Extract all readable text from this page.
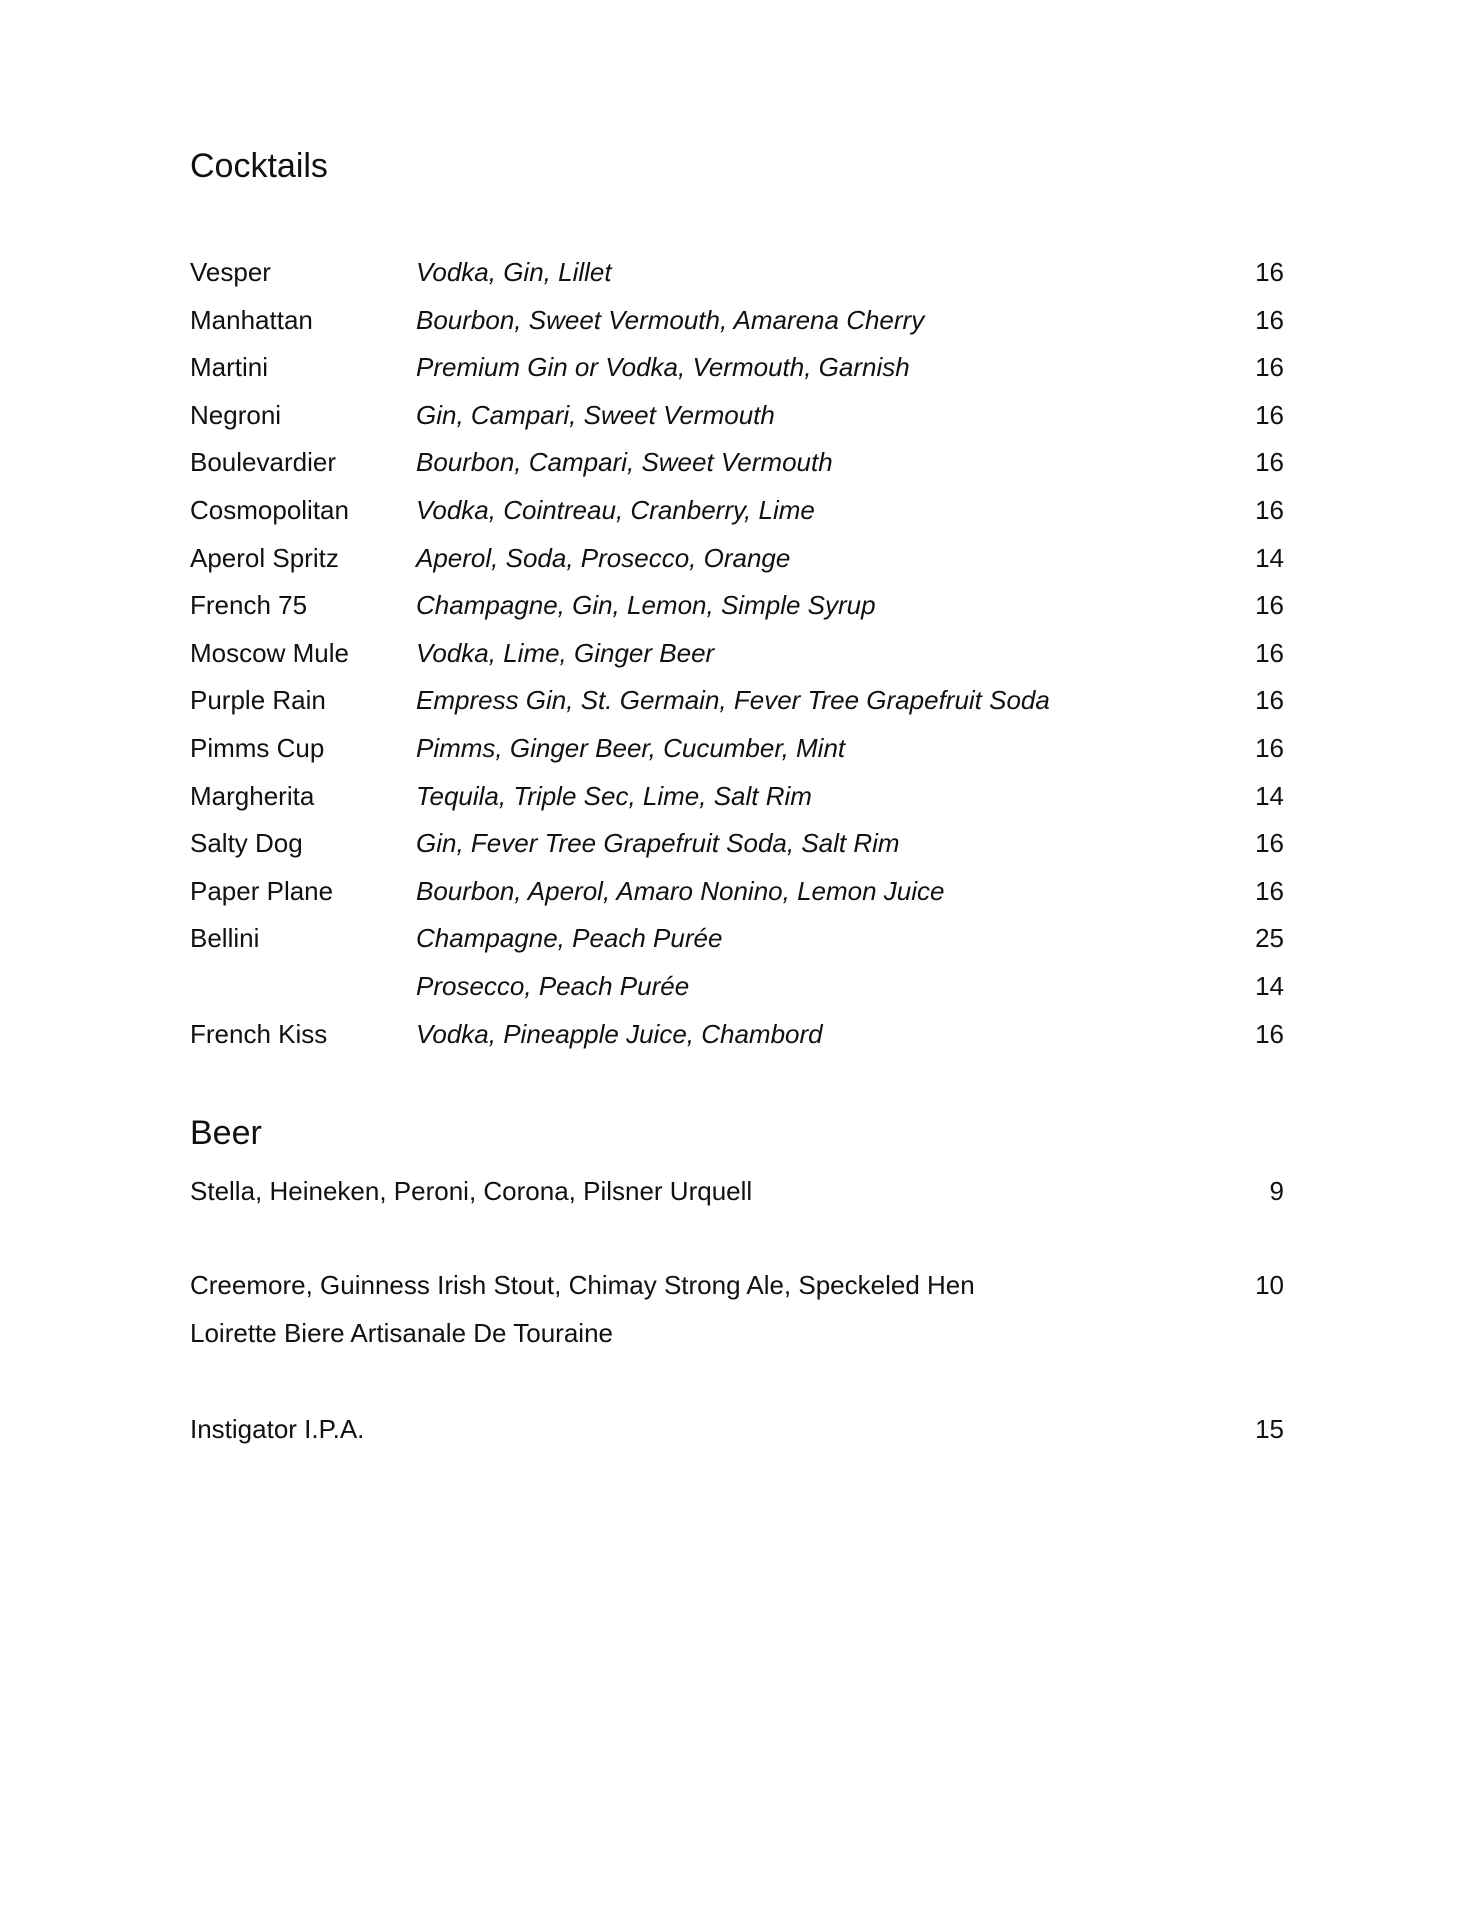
Cocktails
Vesper	Vodka, Gin, Lillet	16
Manhattan	Bourbon, Sweet Vermouth, Amarena Cherry	16
Martini	Premium Gin or Vodka, Vermouth, Garnish	16
Negroni	Gin, Campari, Sweet Vermouth	16
Boulevardier	Bourbon, Campari, Sweet Vermouth	16
Cosmopolitan	Vodka, Cointreau, Cranberry, Lime	16
Aperol Spritz	Aperol, Soda, Prosecco, Orange	14
French 75	Champagne, Gin, Lemon, Simple Syrup	16
Moscow Mule	Vodka, Lime, Ginger Beer	16
Purple Rain	Empress Gin, St. Germain, Fever Tree Grapefruit Soda	16
Pimms Cup	Pimms, Ginger Beer, Cucumber, Mint	16
Margherita	Tequila, Triple Sec, Lime, Salt Rim	14
Salty Dog	Gin, Fever Tree Grapefruit Soda, Salt Rim	16
Paper Plane	Bourbon, Aperol, Amaro Nonino, Lemon Juice	16
Bellini	Champagne, Peach Purée	25
Prosecco, Peach Purée	14
French Kiss	Vodka, Pineapple Juice, Chambord	16
Beer
Stella, Heineken, Peroni, Corona, Pilsner Urquell	9
Creemore, Guinness Irish Stout, Chimay Strong Ale, Speckeled Hen	10
Loirette Biere Artisanale De Touraine
Instigator I.P.A.	15
